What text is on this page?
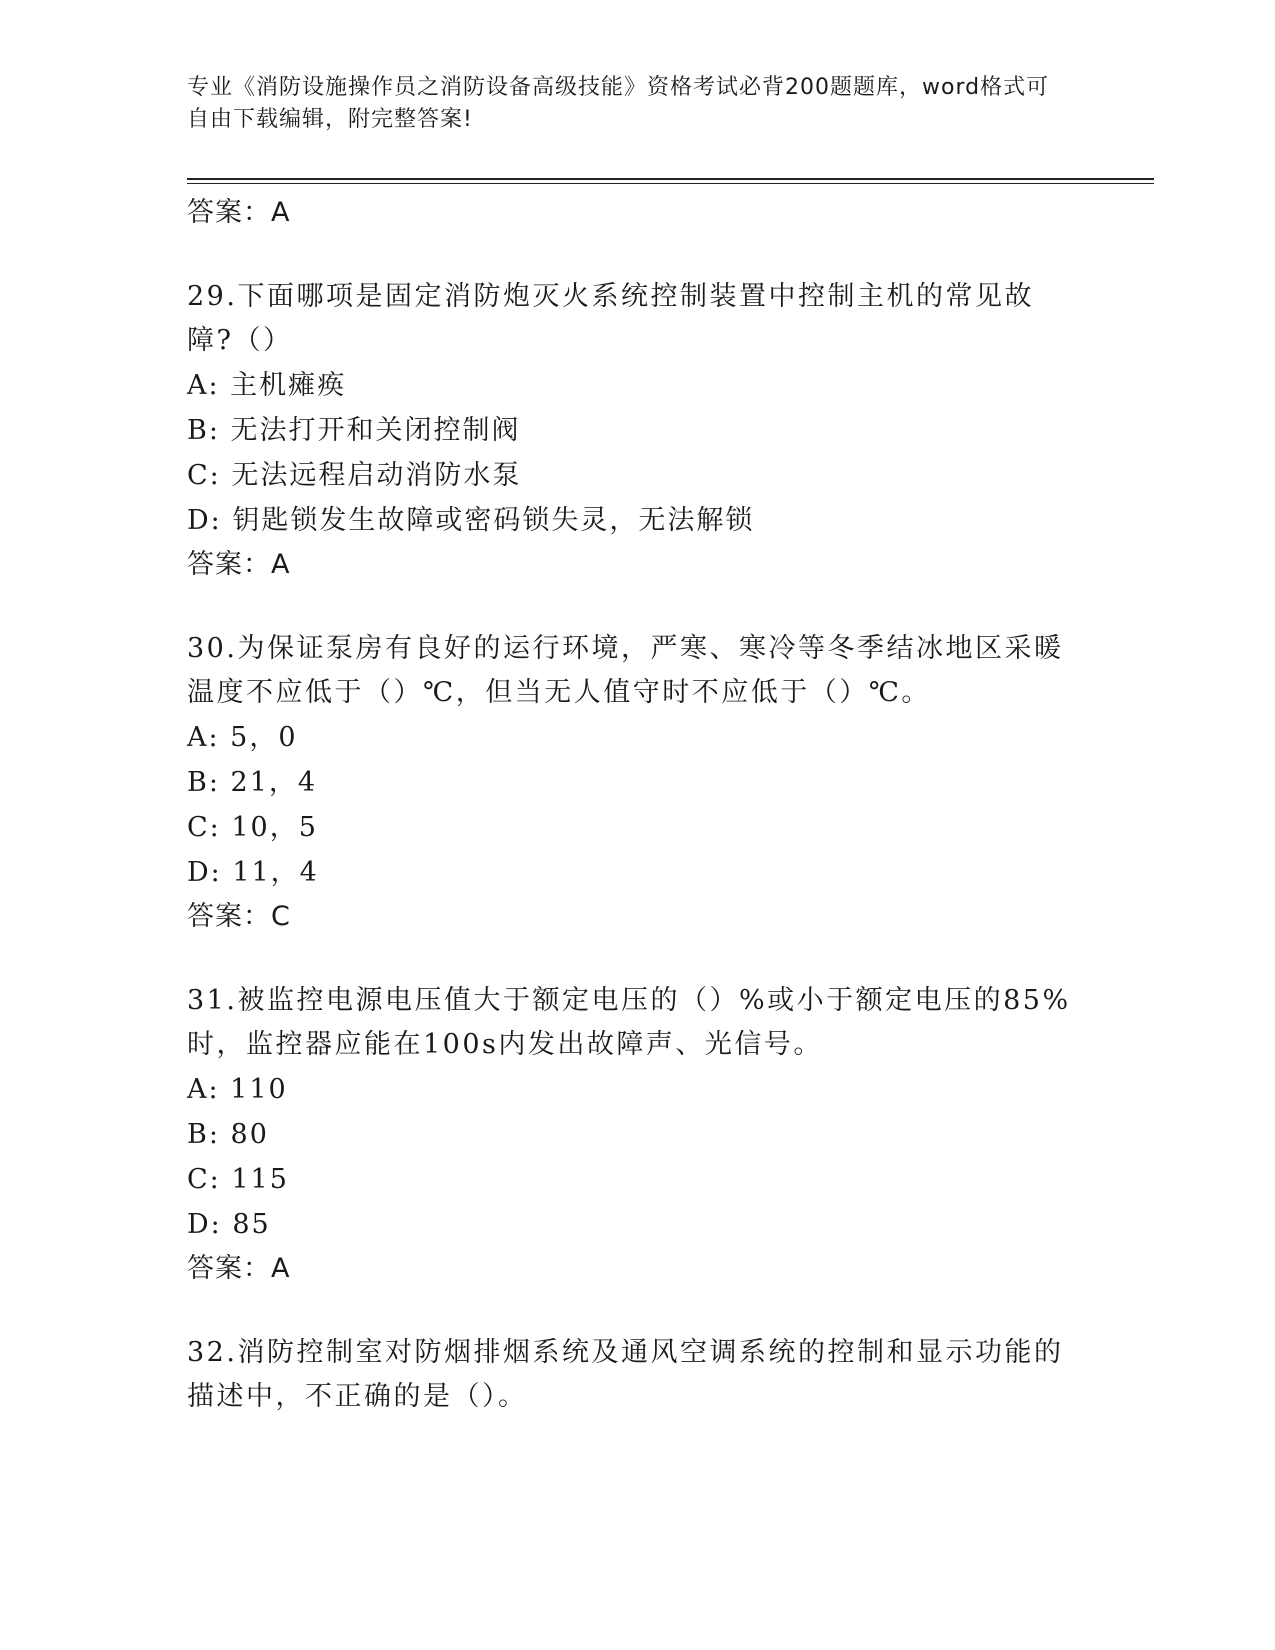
专业《消防设施操作员之消防设备高级技能》资格考试必背200题题库，word格式可自由下载编辑，附完整答案!
答案：A
29.下面哪项是固定消防炮灭火系统控制装置中控制主机的常见故障?（）
A: 主机瘫痪
B: 无法打开和关闭控制阀
C: 无法远程启动消防水泵
D: 钥匙锁发生故障或密码锁失灵，无法解锁
答案：A
30.为保证泵房有良好的运行环境，严寒、寒冷等冬季结冰地区采暖温度不应低于（）℃，但当无人值守时不应低于（）℃。
A: 5，0
B: 21，4
C: 10，5
D: 11，4
答案：C
31.被监控电源电压值大于额定电压的（）%或小于额定电压的85%时，监控器应能在100s内发出故障声、光信号。
A: 110
B: 80
C: 115
D: 85
答案：A
32.消防控制室对防烟排烟系统及通风空调系统的控制和显示功能的描述中，不正确的是（）。
